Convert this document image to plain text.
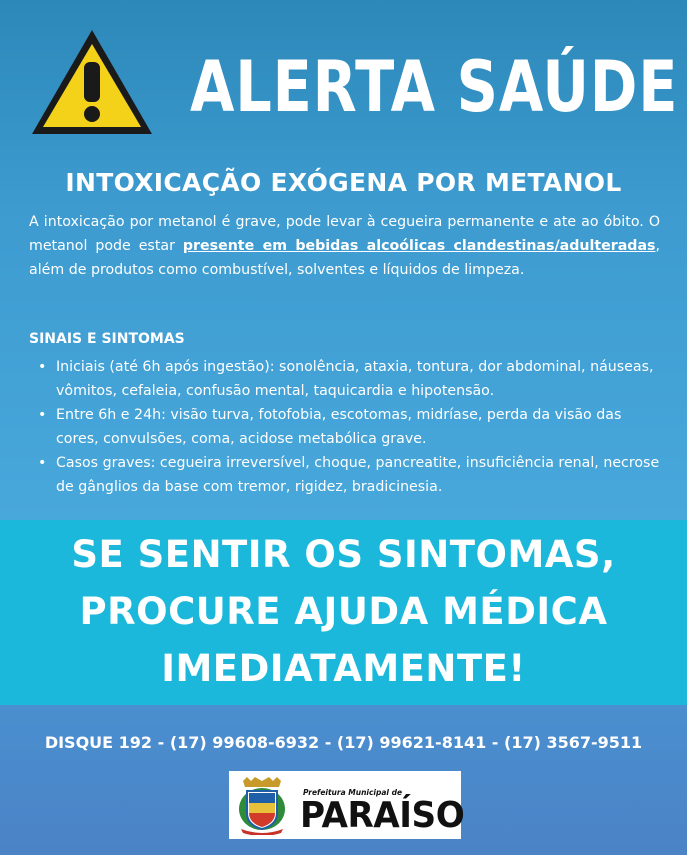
ALERTA SAÚDE
INTOXICAÇÃO EXÓGENA POR METANOL
A intoxicação por metanol é grave, pode levar à cegueira permanente e ate ao óbito. O metanol pode estar presente em bebidas alcoólicas clandestinas/adulteradas, além de produtos como combustível, solventes e líquidos de limpeza.
SINAIS E SINTOMAS
• Iniciais (até 6h após ingestão): sonolência, ataxia, tontura, dor abdominal, náuseas, vômitos, cefaleia, confusão mental, taquicardia e hipotensão.
• Entre 6h e 24h: visão turva, fotofobia, escotomas, midríase, perda da visão das cores, convulsões, coma, acidose metabólica grave.
• Casos graves: cegueira irreversível, choque, pancreatite, insuficiência renal, necrose de gânglios da base com tremor, rigidez, bradicinesia.
SE SENTIR OS SINTOMAS,
PROCURE AJUDA MÉDICA
IMEDIATAMENTE!
DISQUE 192 - (17) 99608-6932 - (17) 99621-8141 - (17) 3567-9511
Prefeitura Municipal de
PARAÍSO
